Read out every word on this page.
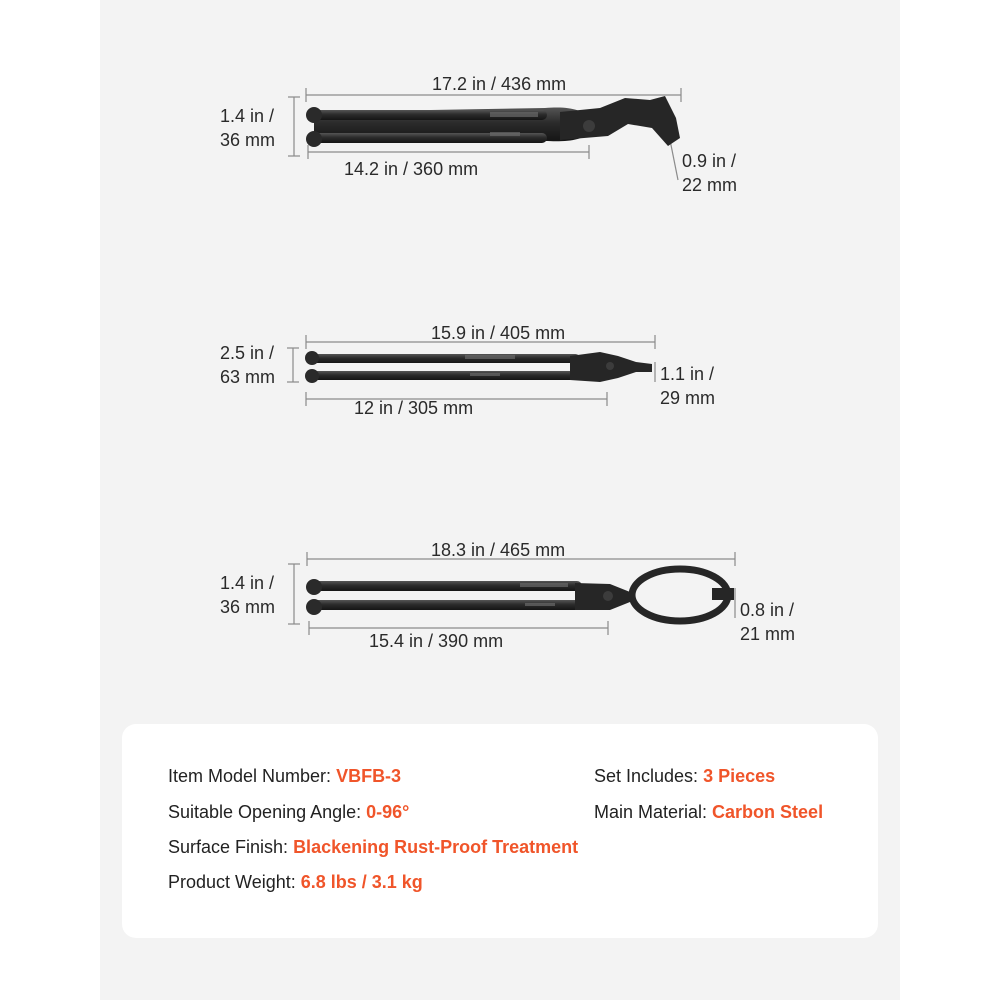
17.2 in / 436 mm
1.4 in /
36 mm
14.2 in / 360 mm	0.9 in /
22 mm
15.9 in / 405 mm
2.5 in /
63 mm
12 in / 305 mm
1.1 in /
29 mm
18.3 in / 465 mm
1.4 in /
36 mm
15.4 in / 390 mm
0.8 in /
21 mm
Item Model Number: VBFB-3
Suitable Opening Angle: 0-96°
Surface Finish: Blackening Rust-Proof Treatment
Product Weight: 6.8 lbs / 3.1 kg
Set Includes: 3 Pieces
Main Material: Carbon Steel
